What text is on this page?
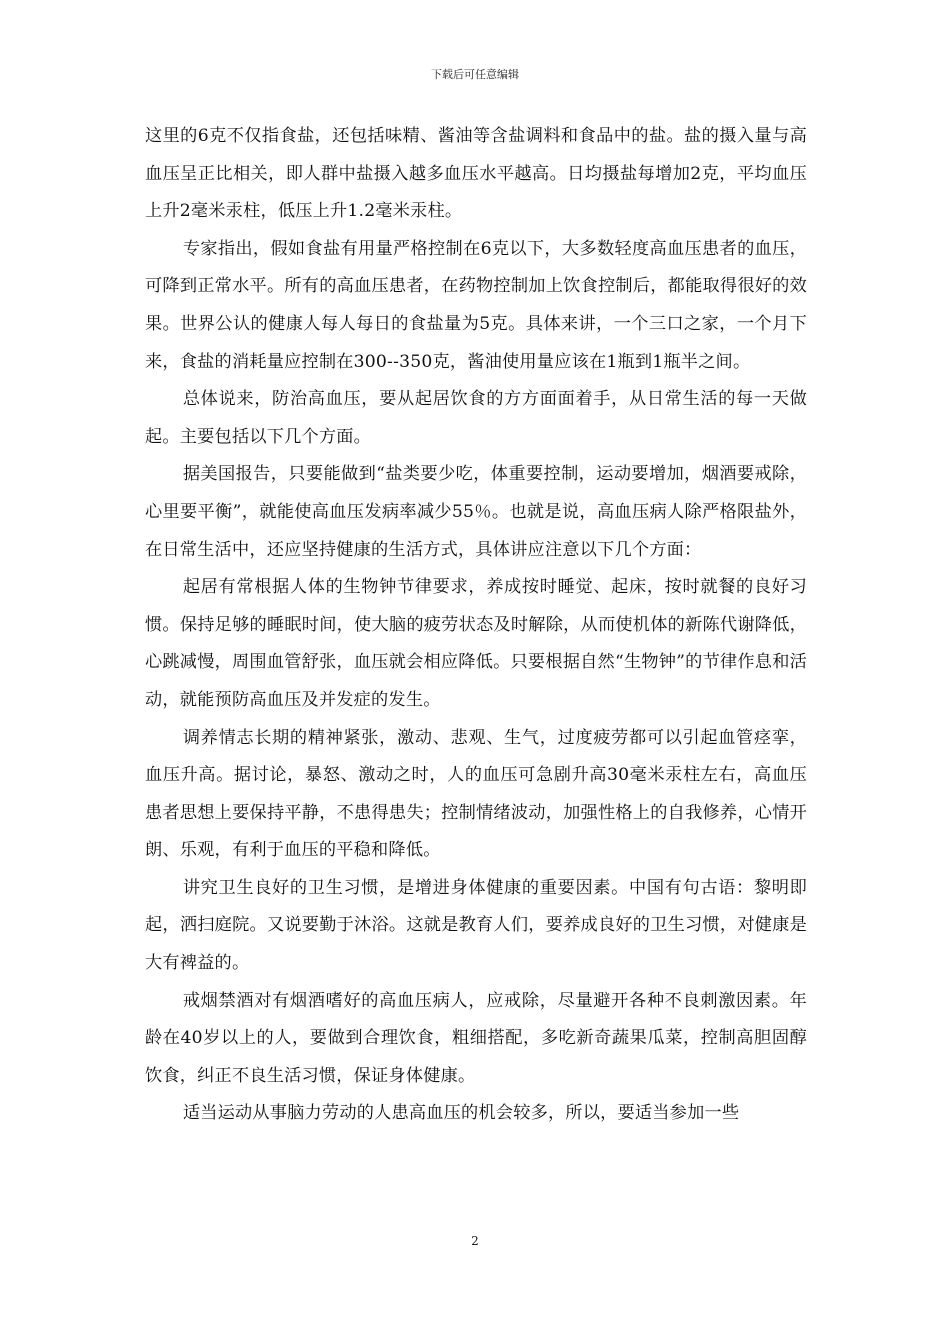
下载后可任意编辑

这里的6克不仅指食盐，还包括味精、酱油等含盐调料和食品中的盐。盐的摄入量与高血压呈正比相关，即人群中盐摄入越多血压水平越高。日均摄盐每增加2克，平均血压上升2毫米汞柱，低压上升1.2毫米汞柱。

专家指出，假如食盐有用量严格控制在6克以下，大多数轻度高血压患者的血压，可降到正常水平。所有的高血压患者，在药物控制加上饮食控制后，都能取得很好的效果。世界公认的健康人每人每日的食盐量为5克。具体来讲，一个三口之家，一个月下来，食盐的消耗量应控制在300--350克，酱油使用量应该在1瓶到1瓶半之间。

总体说来，防治高血压，要从起居饮食的方方面面着手，从日常生活的每一天做起。主要包括以下几个方面。

据美国报告，只要能做到“盐类要少吃，体重要控制，运动要增加，烟酒要戒除，心里要平衡”，就能使高血压发病率减少55％。也就是说，高血压病人除严格限盐外，在日常生活中，还应坚持健康的生活方式，具体讲应注意以下几个方面：

起居有常根据人体的生物钟节律要求，养成按时睡觉、起床，按时就餐的良好习惯。保持足够的睡眠时间，使大脑的疲劳状态及时解除，从而使机体的新陈代谢降低，心跳减慢，周围血管舒张，血压就会相应降低。只要根据自然“生物钟”的节律作息和活动，就能预防高血压及并发症的发生。

调养情志长期的精神紧张，激动、悲观、生气，过度疲劳都可以引起血管痉挛，血压升高。据讨论，暴怒、激动之时，人的血压可急剧升高30毫米汞柱左右，高血压患者思想上要保持平静，不患得患失；控制情绪波动，加强性格上的自我修养，心情开朗、乐观，有利于血压的平稳和降低。

讲究卫生良好的卫生习惯，是增进身体健康的重要因素。中国有句古语：黎明即起，洒扫庭院。又说要勤于沐浴。这就是教育人们，要养成良好的卫生习惯，对健康是大有裨益的。

戒烟禁酒对有烟酒嗜好的高血压病人，应戒除，尽量避开各种不良刺激因素。年龄在40岁以上的人，要做到合理饮食，粗细搭配，多吃新奇蔬果瓜菜，控制高胆固醇饮食，纠正不良生活习惯，保证身体健康。

适当运动从事脑力劳动的人患高血压的机会较多，所以，要适当参加一些

2
